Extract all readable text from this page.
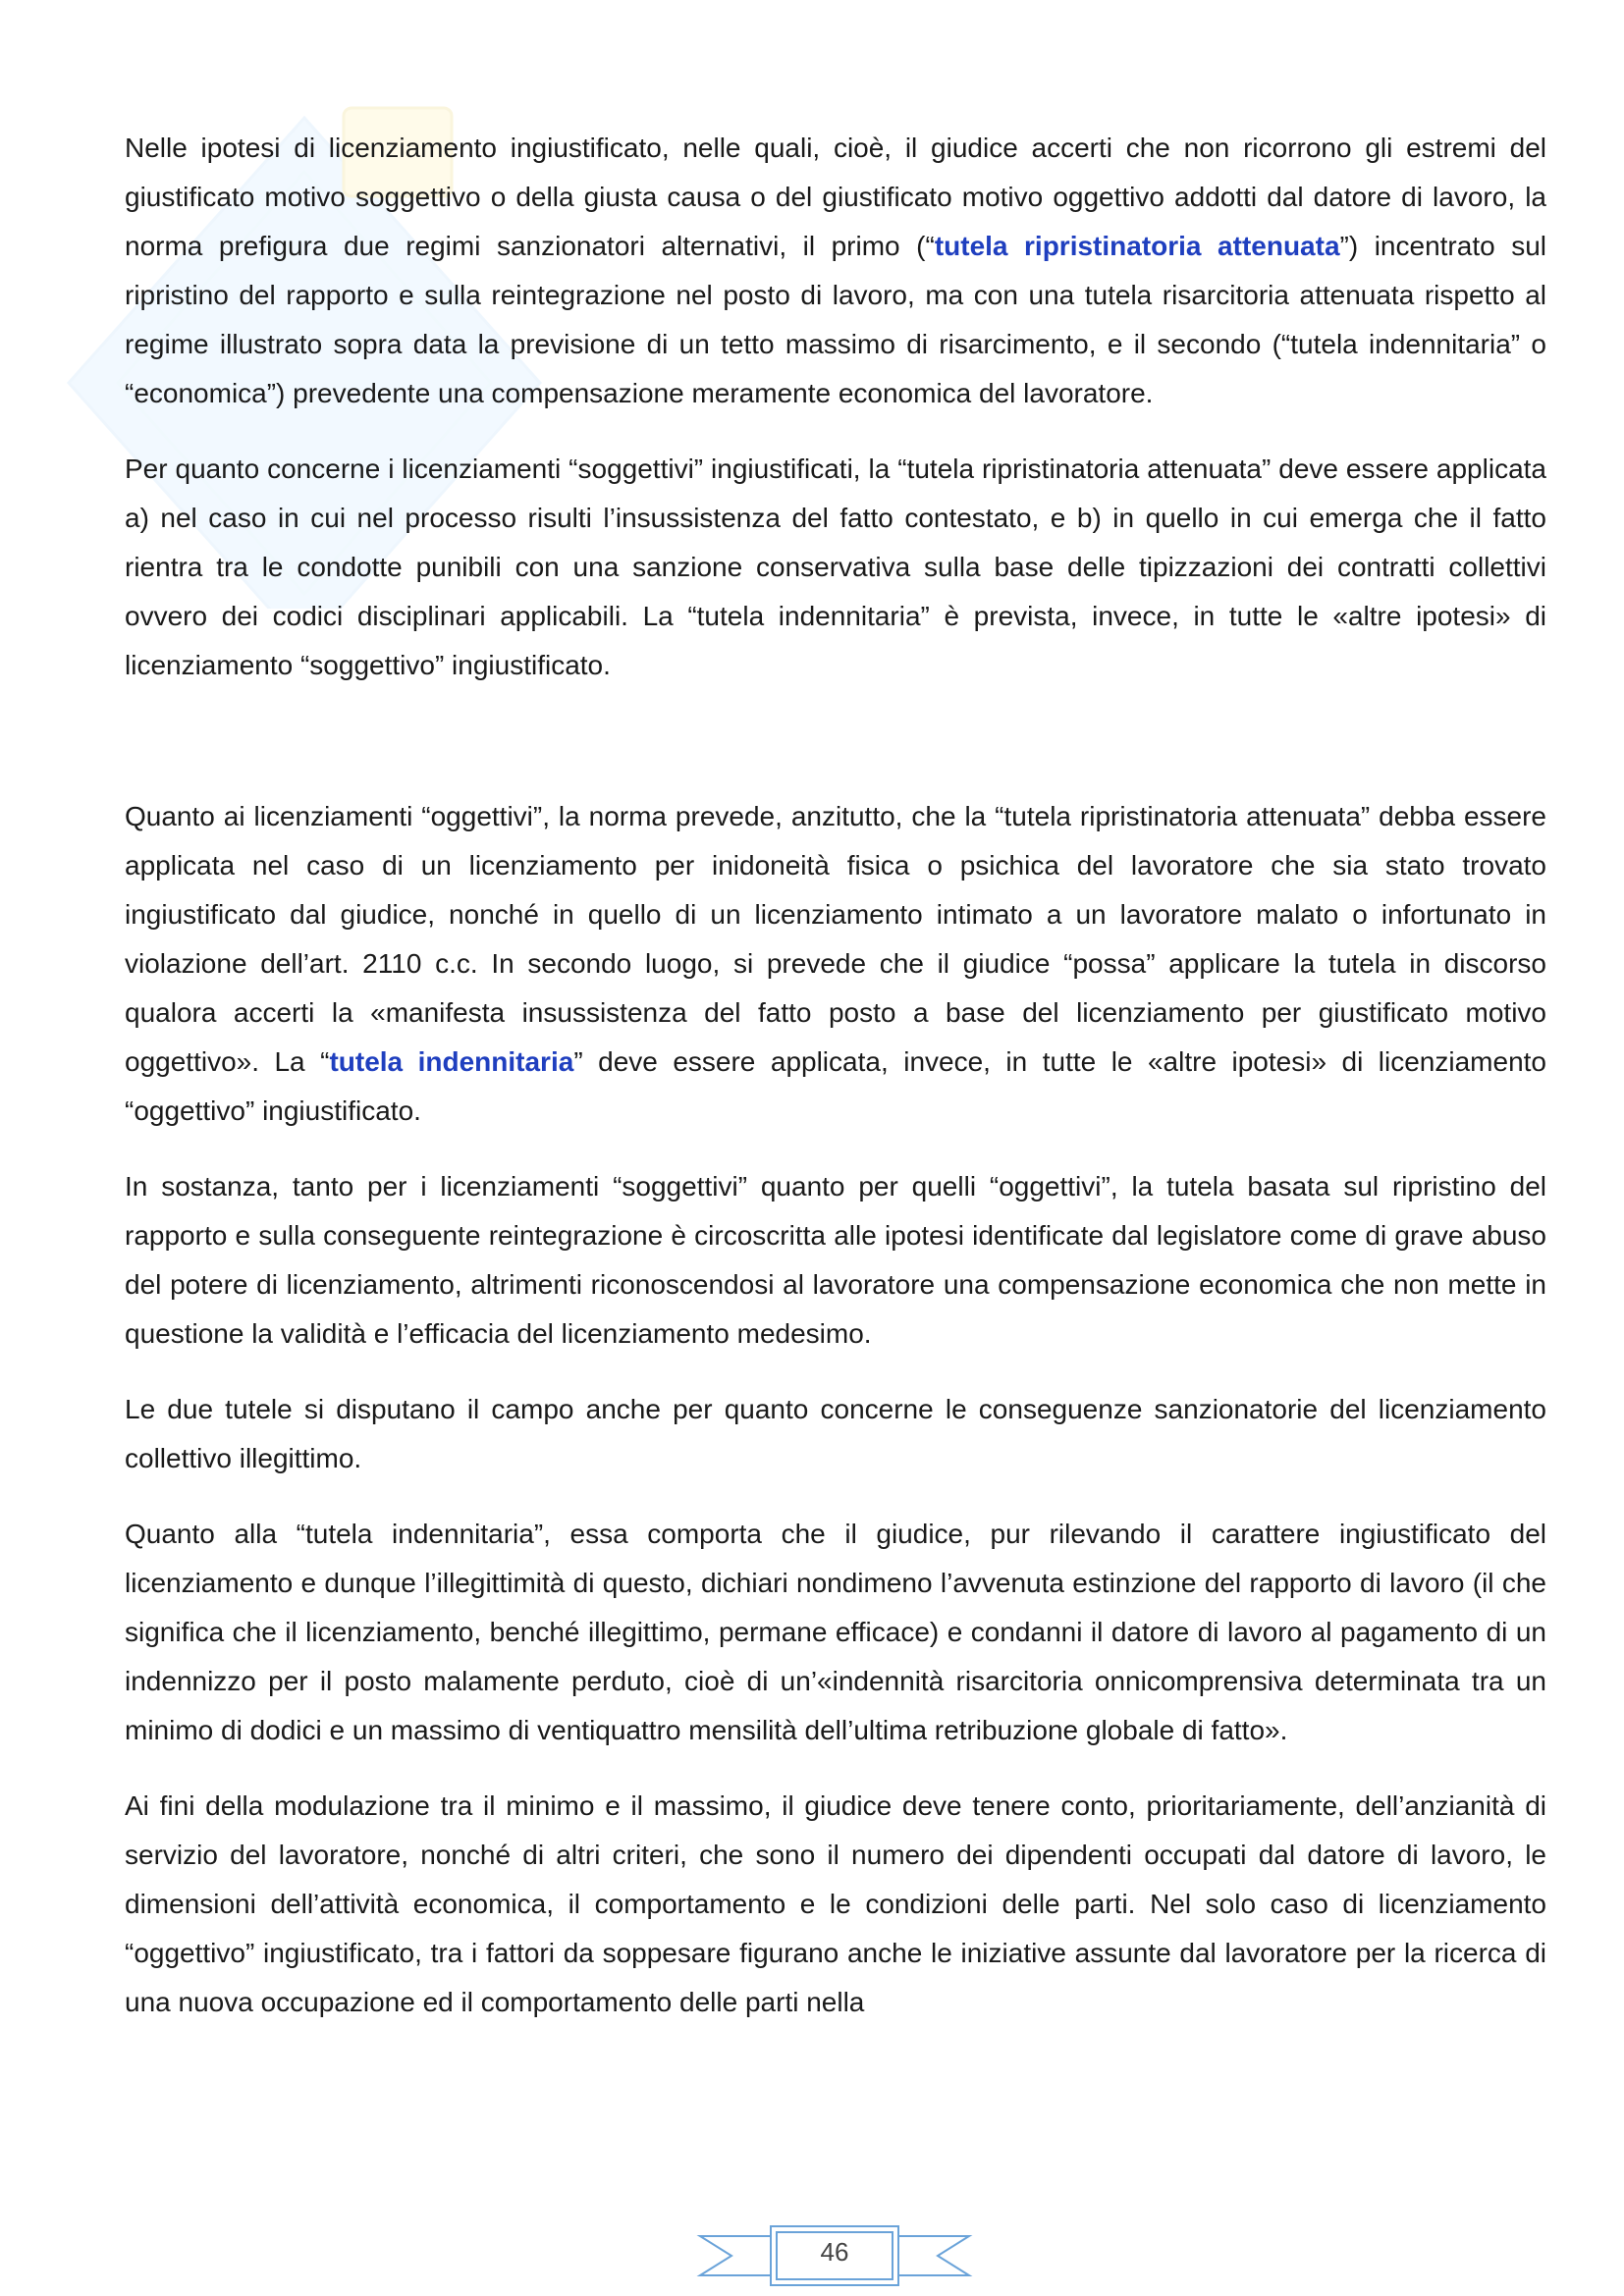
Nelle ipotesi di licenziamento ingiustificato, nelle quali, cioè, il giudice accerti che non ricorrono gli estremi del giustificato motivo soggettivo o della giusta causa o del giustificato motivo oggettivo addotti dal datore di lavoro, la norma prefigura due regimi sanzionatori alternativi, il primo (“tutela ripristinatoria attenuata”) incentrato sul ripristino del rapporto e sulla reintegrazione nel posto di lavoro, ma con una tutela risarcitoria attenuata rispetto al regime illustrato sopra data la previsione di un tetto massimo di risarcimento, e il secondo (“tutela indennitaria” o “economica”) prevedente una compensazione meramente economica del lavoratore.

Per quanto concerne i licenziamenti “soggettivi” ingiustificati, la “tutela ripristinatoria attenuata” deve essere applicata a) nel caso in cui nel processo risulti l’insussistenza del fatto contestato, e b) in quello in cui emerga che il fatto rientra tra le condotte punibili con una sanzione conservativa sulla base delle tipizzazioni dei contratti collettivi ovvero dei codici disciplinari applicabili. La “tutela indennitaria” è prevista, invece, in tutte le «altre ipotesi» di licenziamento “soggettivo” ingiustificato.

Quanto ai licenziamenti “oggettivi”, la norma prevede, anzitutto, che la “tutela ripristinatoria attenuata” debba essere applicata nel caso di un licenziamento per inidoneità fisica o psichica del lavoratore che sia stato trovato ingiustificato dal giudice, nonché in quello di un licenziamento intimato a un lavoratore malato o infortunato in violazione dell’art. 2110 c.c. In secondo luogo, si prevede che il giudice “possa” applicare la tutela in discorso qualora accerti la «manifesta insussistenza del fatto posto a base del licenziamento per giustificato motivo oggettivo». La “tutela indennitaria” deve essere applicata, invece, in tutte le «altre ipotesi» di licenziamento “oggettivo” ingiustificato.

In sostanza, tanto per i licenziamenti “soggettivi” quanto per quelli “oggettivi”, la tutela basata sul ripristino del rapporto e sulla conseguente reintegrazione è circoscritta alle ipotesi identificate dal legislatore come di grave abuso del potere di licenziamento, altrimenti riconoscendosi al lavoratore una compensazione economica che non mette in questione la validità e l’efficacia del licenziamento medesimo.

Le due tutele si disputano il campo anche per quanto concerne le conseguenze sanzionatorie del licenziamento collettivo illegittimo.

Quanto alla “tutela indennitaria”, essa comporta che il giudice, pur rilevando il carattere ingiustificato del licenziamento e dunque l’illegittimità di questo, dichiari nondimeno l’avvenuta estinzione del rapporto di lavoro (il che significa che il licenziamento, benché illegittimo, permane efficace) e condanni il datore di lavoro al pagamento di un indennizzo per il posto malamente perduto, cioè di un’«indennità risarcitoria onnicomprensiva determinata tra un minimo di dodici e un massimo di ventiquattro mensilità dell’ultima retribuzione globale di fatto».

Ai fini della modulazione tra il minimo e il massimo, il giudice deve tenere conto, prioritariamente, dell’anzianità di servizio del lavoratore, nonché di altri criteri, che sono il numero dei dipendenti occupati dal datore di lavoro, le dimensioni dell’attività economica, il comportamento e le condizioni delle parti. Nel solo caso di licenziamento “oggettivo” ingiustificato, tra i fattori da soppesare figurano anche le iniziative assunte dal lavoratore per la ricerca di una nuova occupazione ed il comportamento delle parti nella

46
